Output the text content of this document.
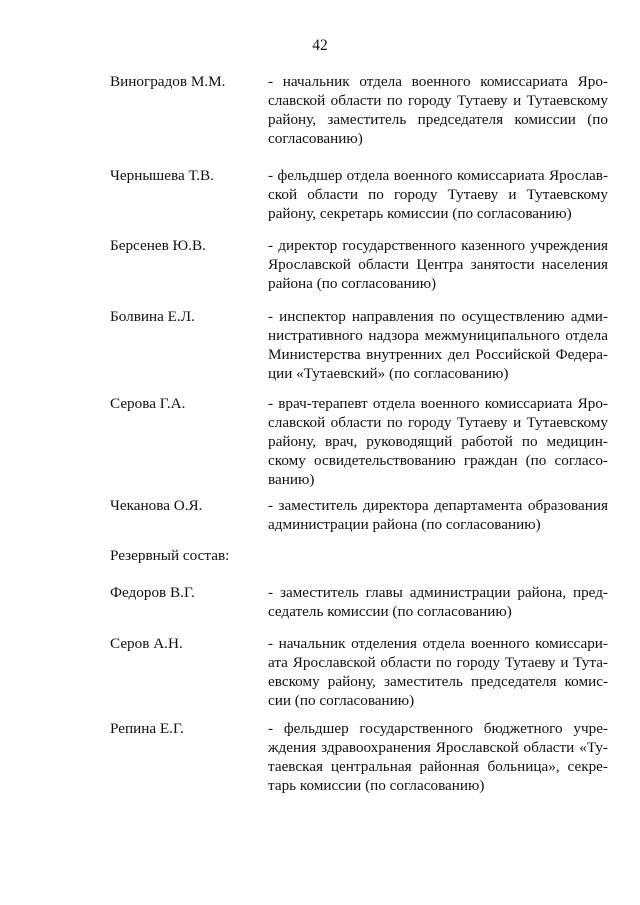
42
Виноградов М.М.	- начальник отдела военного комиссариата Яро-
славской области по городу Тутаеву и Тутаевскому
району, заместитель председателя комиссии (по
согласованию)
Чернышева Т.В.	- фельдшер отдела военного комиссариата Ярослав-
ской области по городу Тутаеву и Тутаевскому
району, секретарь комиссии (по согласованию)
Берсенев Ю.В.	- директор государственного казенного учреждения
Ярославской области Центра занятости населения
района (по согласованию)
Болвина Е.Л.	- инспектор направления по осуществлению адми-
нистративного надзора межмуниципального отдела
Министерства внутренних дел Российской Федера-
ции «Тутаевский» (по согласованию)
Серова Г.А.	- врач-терапевт отдела военного комиссариата Яро-
славской области по городу Тутаеву и Тутаевскому
району, врач, руководящий работой по медицин-
скому освидетельствованию граждан (по согласо-
ванию)
Чеканова О.Я.	- заместитель директора департамента образования
администрации района (по согласованию)
Резервный состав:
Федоров В.Г.	- заместитель главы администрации района, пред-
седатель комиссии (по согласованию)
Серов А.Н.	- начальник отделения отдела военного комиссари-
ата Ярославской области по городу Тутаеву и Тута-
евскому району, заместитель председателя комис-
сии (по согласованию)
Репина Е.Г.	- фельдшер государственного бюджетного учре-
ждения здравоохранения Ярославской области «Ту-
таевская центральная районная больница», секре-
тарь комиссии (по согласованию)
